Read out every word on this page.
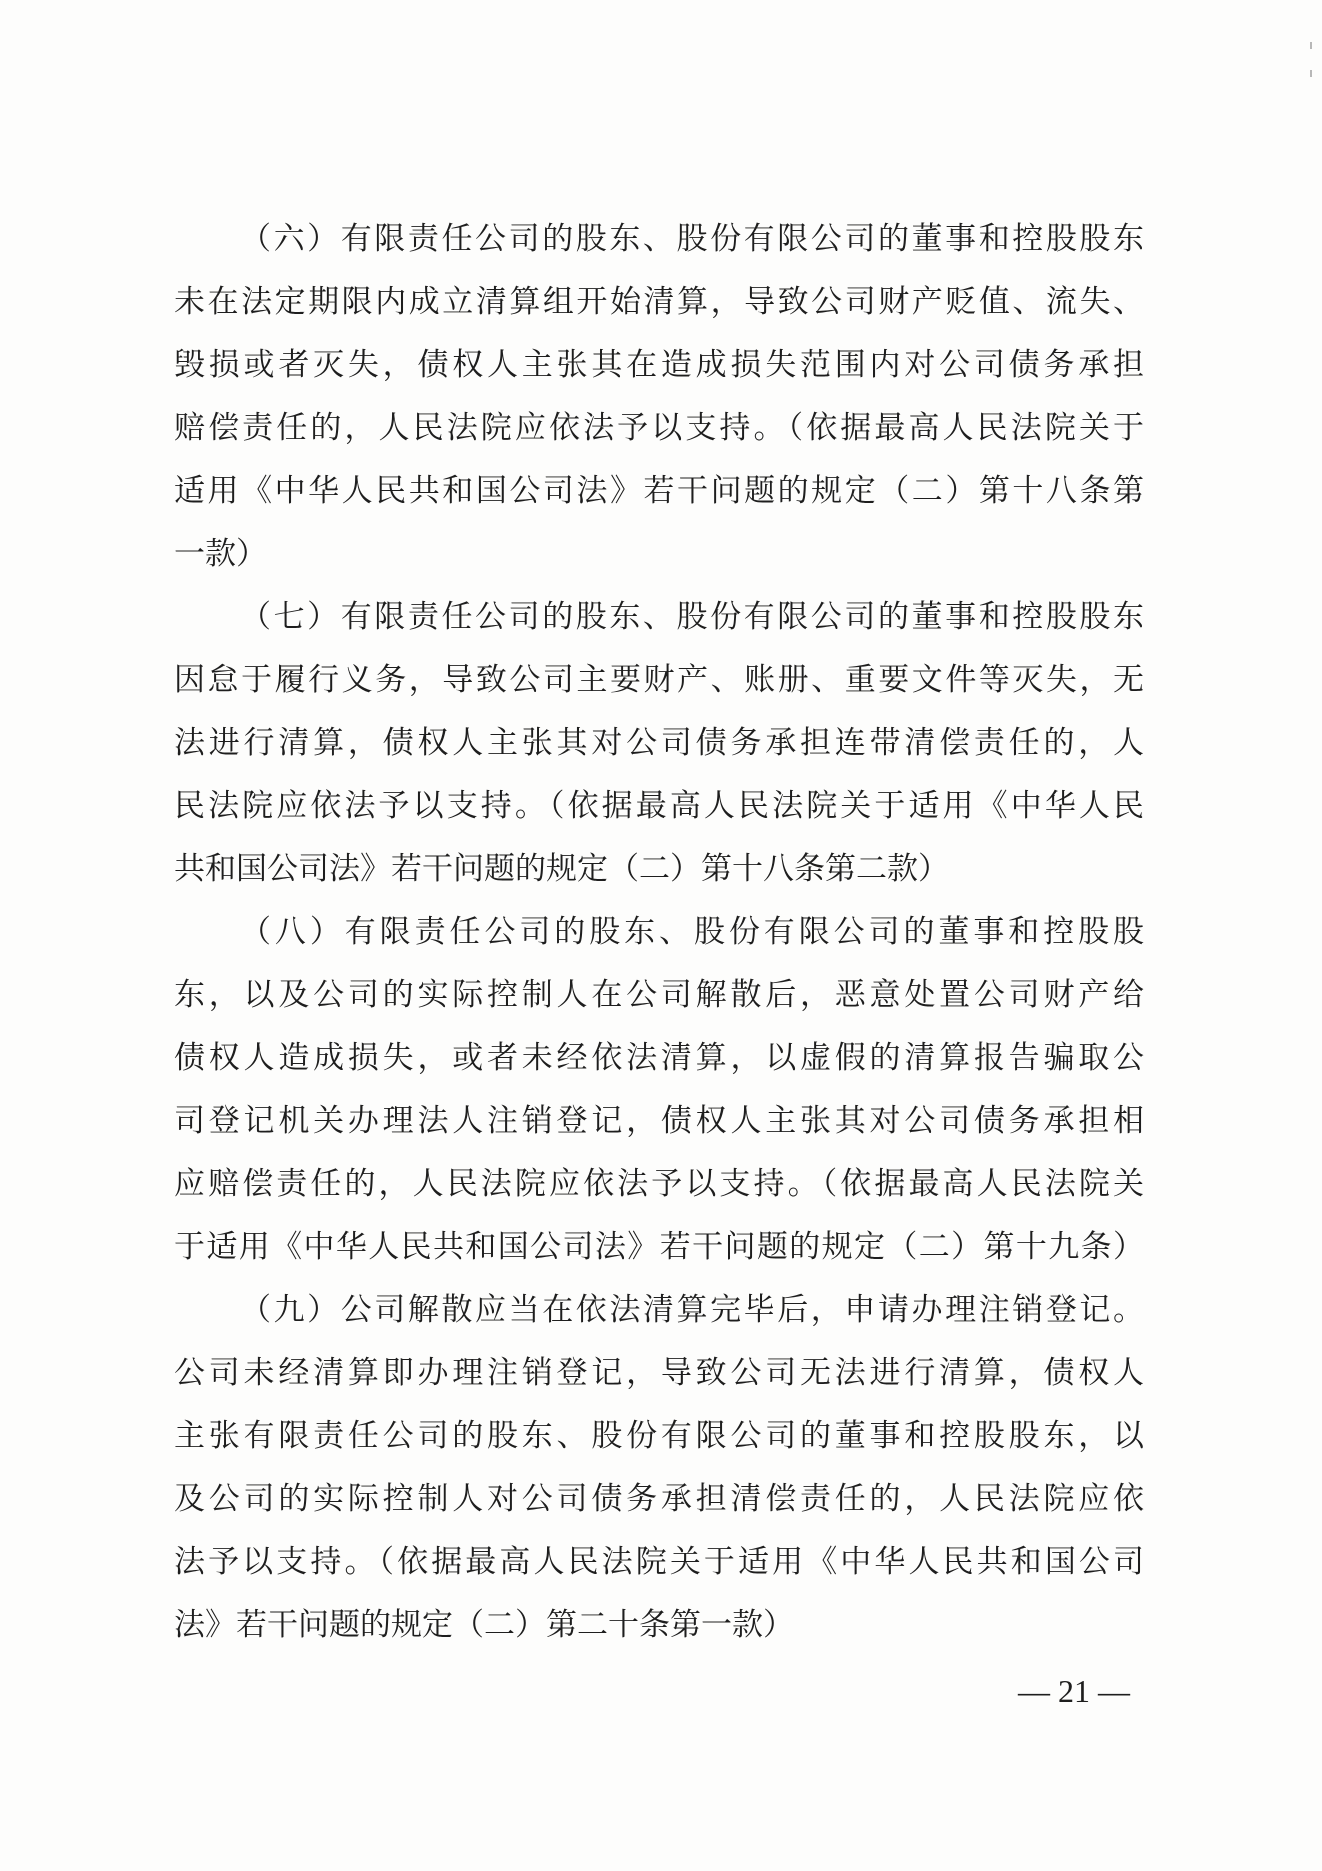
（六）有限责任公司的股东、股份有限公司的董事和控股股东
未在法定期限内成立清算组开始清算，导致公司财产贬值、流失、
毁损或者灭失，债权人主张其在造成损失范围内对公司债务承担
赔偿责任的，人民法院应依法予以支持。（依据最高人民法院关于
适用《中华人民共和国公司法》若干问题的规定（二）第十八条第
一款）
（七）有限责任公司的股东、股份有限公司的董事和控股股东
因怠于履行义务，导致公司主要财产、账册、重要文件等灭失，无
法进行清算，债权人主张其对公司债务承担连带清偿责任的，人
民法院应依法予以支持。（依据最高人民法院关于适用《中华人民
共和国公司法》若干问题的规定（二）第十八条第二款）
（八）有限责任公司的股东、股份有限公司的董事和控股股
东，以及公司的实际控制人在公司解散后，恶意处置公司财产给
债权人造成损失，或者未经依法清算，以虚假的清算报告骗取公
司登记机关办理法人注销登记，债权人主张其对公司债务承担相
应赔偿责任的，人民法院应依法予以支持。（依据最高人民法院关
于适用《中华人民共和国公司法》若干问题的规定（二）第十九条）
（九）公司解散应当在依法清算完毕后，申请办理注销登记。
公司未经清算即办理注销登记，导致公司无法进行清算，债权人
主张有限责任公司的股东、股份有限公司的董事和控股股东，以
及公司的实际控制人对公司债务承担清偿责任的，人民法院应依
法予以支持。（依据最高人民法院关于适用《中华人民共和国公司
法》若干问题的规定（二）第二十条第一款）
— 21 —
